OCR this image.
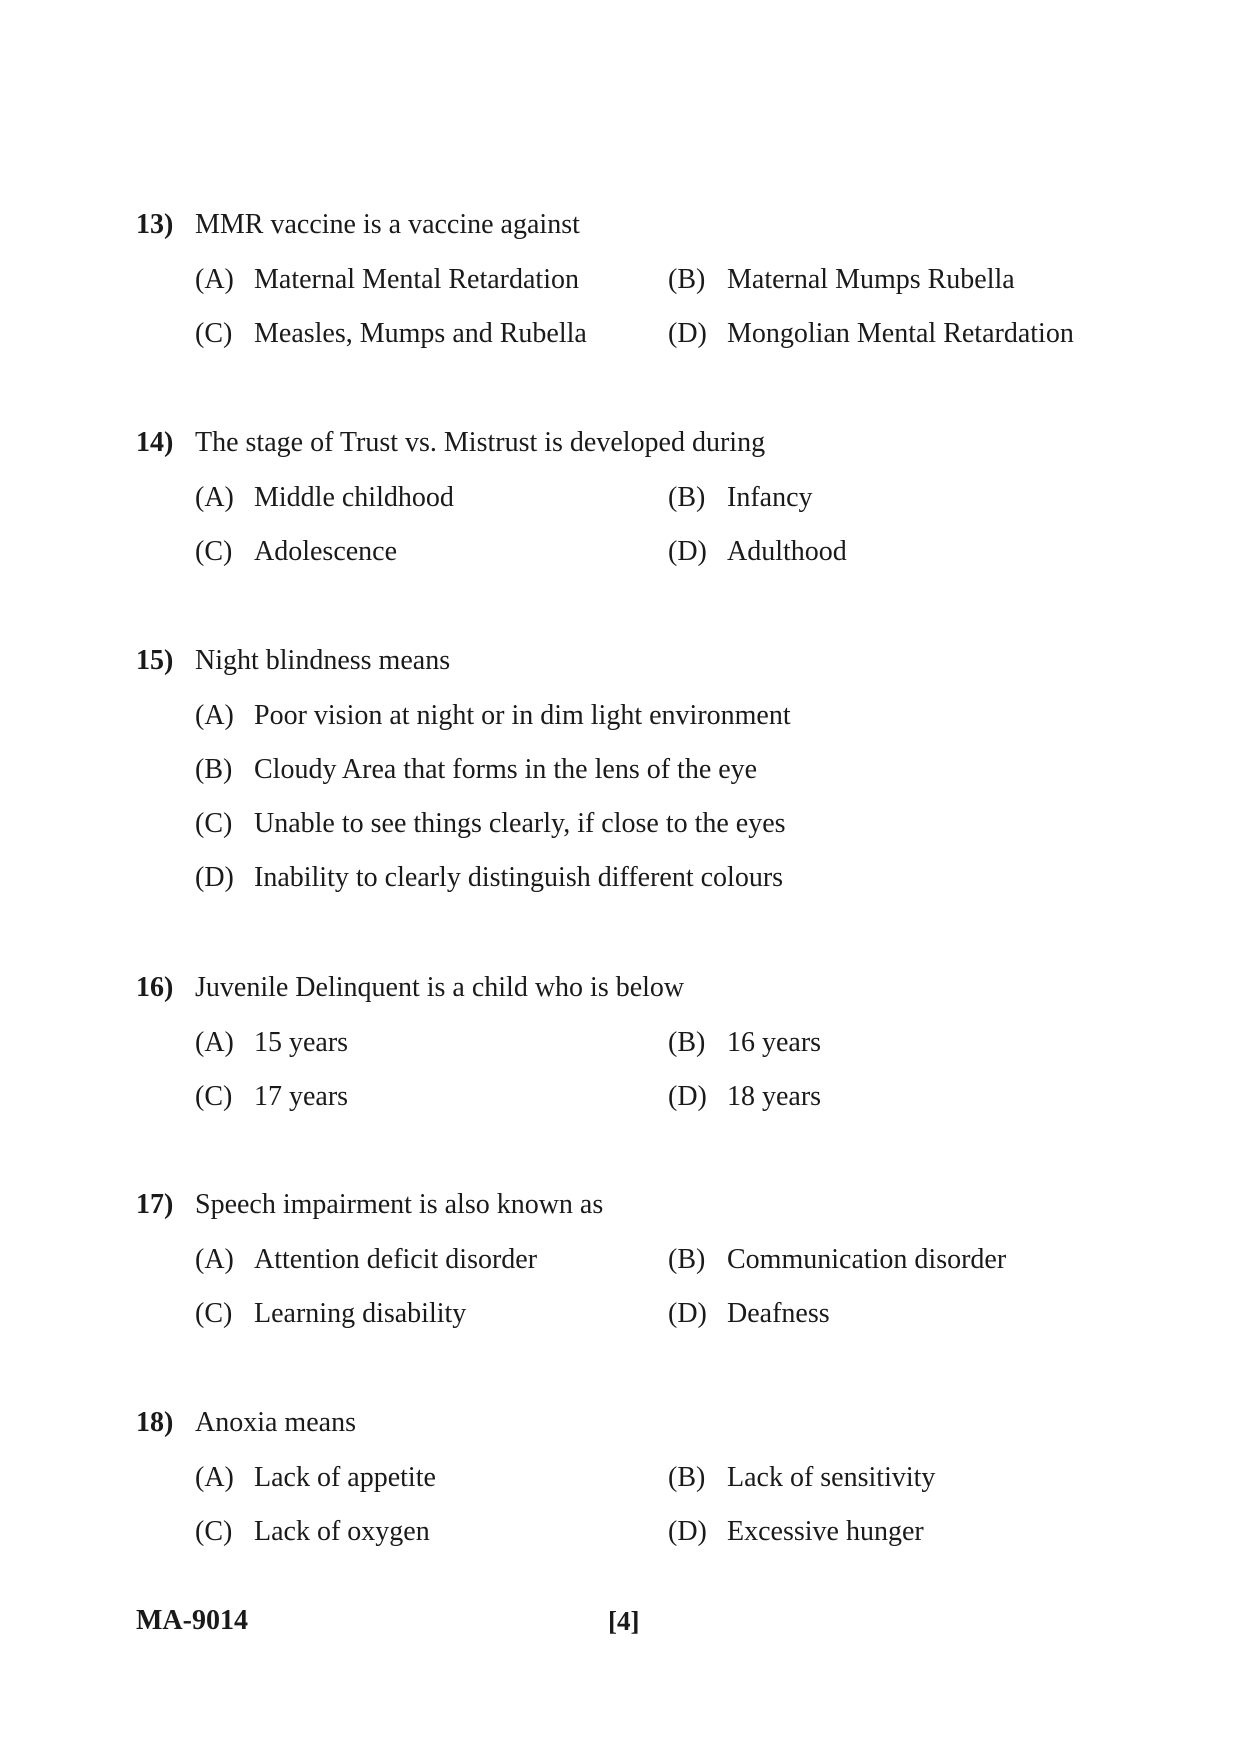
13) MMR vaccine is a vaccine against
(A) Maternal Mental Retardation	(B) Maternal Mumps Rubella
(C) Measles, Mumps and Rubella	(D) Mongolian Mental Retardation
14) The stage of Trust vs. Mistrust is developed during
(A) Middle childhood	(B) Infancy
(C) Adolescence	(D) Adulthood
15) Night blindness means
(A) Poor vision at night or in dim light environment
(B) Cloudy Area that forms in the lens of the eye
(C) Unable to see things clearly, if close to the eyes
(D) Inability to clearly distinguish different colours
16) Juvenile Delinquent is a child who is below
(A) 15 years	(B) 16 years
(C) 17 years	(D) 18 years
17) Speech impairment is also known as
(A) Attention deficit disorder	(B) Communication disorder
(C) Learning disability	(D) Deafness
18) Anoxia means
(A) Lack of appetite	(B) Lack of sensitivity
(C) Lack of oxygen	(D) Excessive hunger
MA-9014	[4]
